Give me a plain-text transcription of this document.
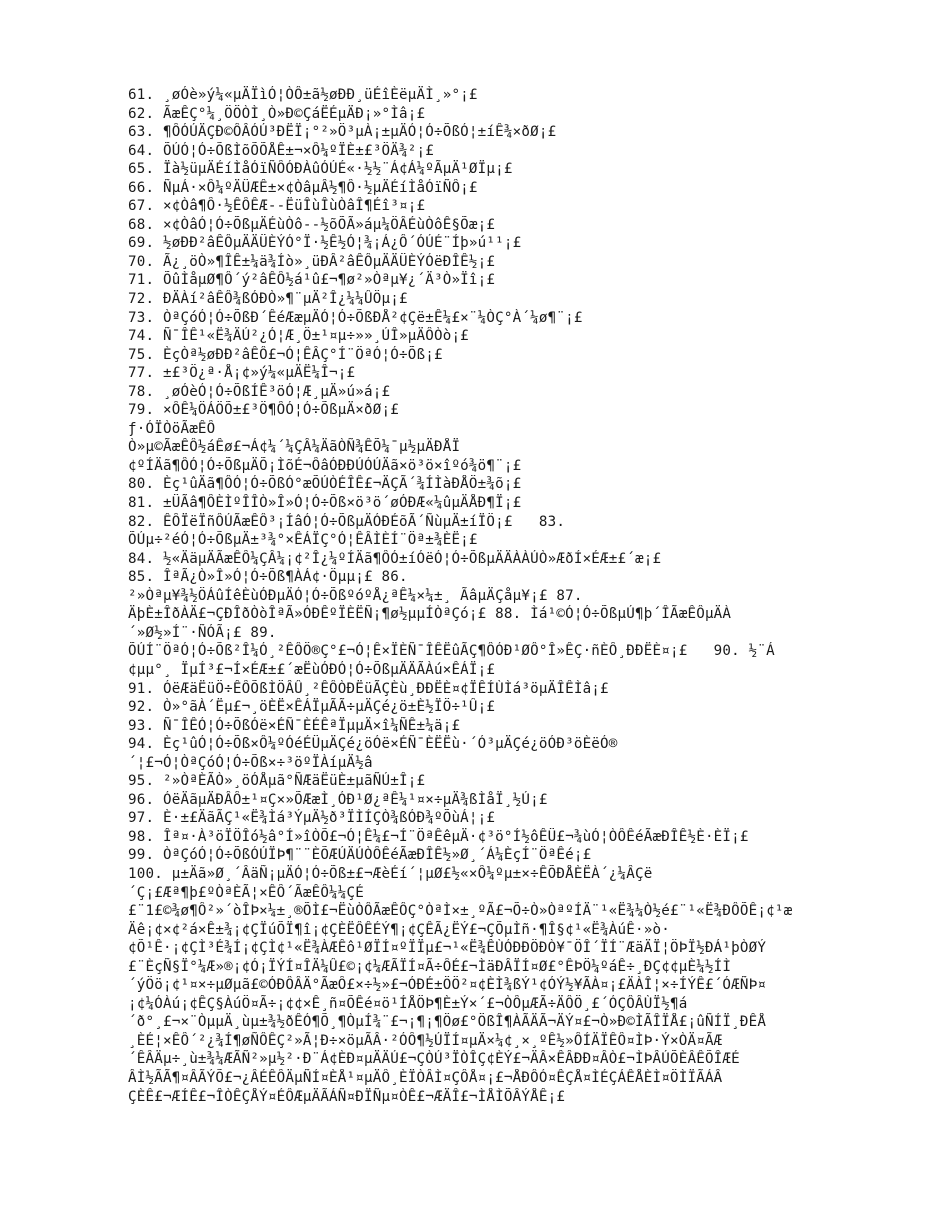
61. ¸øÓè»ý¼«µÄÏìÓ¦ÒÔ±ã½øÐÐ¸üÉîÈëµÄÌ¸»°¡£
62. ÃæÊÇ°¼¸ÖÖÒÌ¸Ò»Ð©ÇáËÉµÄÐ¡»°Ìâ¡£
63. ¶ÔÓÚÄÇÐ©ÔÂÓÚ³ÐËÏ¡°²»Ö³µÀ¡±µÄÓ¦Ó÷ÕßÓ¦±íÊ¾×ðØ¡£
64. ÕÚÓ¦Ó÷ÕßÌõÕÕÅÊ±¬×Ô¼ºÏÈ±£³ÖÄ¾²¡£
65. Ïà½üµÄÉíÌåÓïÑÔÓÐÀûÓÚÉ«·½½¨Á¢Á¼ºÃµÄ¹ØÏµ¡£
66. ÑµÁ·×Ô¼ºÄÜÆÊ±×¢ÒâµÂ½¶Ô·½µÄÉíÌåÓïÑÔ¡£
67. ×¢Òâ¶Ô·½ÊÔÊÆ--ËüÎùÎùÒâÎ¶Éî³¤¡£
68. ×¢ÒâÓ¦Ó÷ÕßµÄÉùÒô--½õÕÃ»áµ¼ÖÂÉùÒôÊ§Õæ¡£
69. ½øÐÐ²âÊÔµÄÄÜÈÝÓ°Ï·½Ê½Ó¦¾¡Á¿Ô´ÓÚÉ¨Íþ»ú¹¹¡£
70. Ã¿¸öÒ»¶ÎÊ±¼ä¾Íò»¸üÐÂ²âÊÔµÄÄÜÈÝÓëÐÎÊ½¡£
71. ÕûÌåµØ¶Ô´ý²âÊÔ½á¹û£¬¶ø²»Òªµ¥¿´Ä³Ò»Ïî¡£
72. ÐÄÀí²âÊÔ¾ßÓÐÒ»¶¨µÄ²Î¿¼¼ÛÖµ¡£
73. ÒªÇóÓ¦Ó÷ÕßÐ´ÊéÆæµÄÓ¦Ó÷ÕßÐÅ²¢Çë±Ê¼£×¨¼ÒÇ°À´¼ø¶¨¡£
74. Ñ¯ÎÊ¹«Ë¾ÄÚ²¿Ó¦Æ¸Ö±¹¤µ÷»»¸ÚÎ»µÄÔÒò¡£
75. ÈçÒª½øÐÐ²âÊÔ£¬Ó¦ÊÂÇ°Í¨ÖªÓ¦Ó÷Õß¡£
77. ±£³Ö¿ª·Å¡¢»ý¼«µÄË¼Î¬¡£
78. ¸øÓèÓ¦Ó÷ÕßÍÊ³öÓ¦Æ¸µÄ»ú»á¡£
79. ×ÔÊ¼ÖÁÖÕ±£³Ö¶ÔÓ¦Ó÷ÕßµÄ×ðØ¡£
ƒ·ÓÏÒöÃæÊÔ
Ò»µ©ÃæÊÔ½áÊø£¬Á¢¼´¼ÇÂ¼ÄãÒÑ¾ÊÕ¼¯µ½µÄÐÅÏ
¢ºÍÄã¶ÔÓ¦Ó÷ÕßµÄÕ¡ÌõÉ¬ÔâÓÐÐÚÓÚÄã×ö³ö×îºó¾ö¶¨¡£
80. Èç¹ûÄã¶ÔÓ¦Ó÷ÕßÓ°æÕÚÒÉÎÊ£¬ÄÇÃ´¾ÍÌàÐÅÖ±¾õ¡£
81. ±ÜÃâ¶ÔÈÌºÎÎÒ»Î»Ó¦Ó÷Õß×ö³ö´øÓÐÆ«¼ûµÄÅÐ¶Ï¡£
82. ÊÔÏëÏñÔÚÃæÊÔ³¡ÍâÓ¦Ó÷ÕßµÄÓÐÉõÃ´ÑùµÄ±íÏÖ¡£   83.
ÕÚµ÷²éÓ¦Ó÷ÕßµÄ±³¾°×ÊÁÏÇ°Ó¦ÊÂÌÈÍ¨Öª±¾ÈË¡£
84. ½«ÄäµÄÃæÊÔ¼ÇÂ¼¡¢²Î¿¼ºÍÄã¶ÔÓ±íÓëÓ¦Ó÷ÕßµÄÄÀÀÚÒ»ÆðÍ×ÉÆ±£´æ¡£
85. ÎªÃ¿Ò»Î»Ó¦Ó÷Õß¶ÀÁ¢·Öµµ¡£ 86.
²»Òªµ¥¾½ÖÁûÍêÈùÓÐµÄÓ¦Ó÷ÕßºóºÅ¿ªÊ¼×¼±¸ ÃâµÄÇåµ¥¡£ 87.
ÄþÈ±ÎðÀÄ£¬ÇÐÎðÒòÎªÃ»ÓÐÊºÏÈËÑ¡¶ø½µµÍÒªÇó¡£ 88. Ìá¹©Ó¦Ó÷ÕßµÚ¶þ´ÎÃæÊÔµÄÀ
´»Ø½»Í¨·ÑÓÃ¡£ 89.
ÕÚÍ¨ÖªÓ¦Ó÷Õß²Î¼Ó¸²ÊÔÖ®Ç°£¬Ó¦Ê×ÏÈÑ¯ÎÊËûÃÇ¶ÔÓÐ¹ØÔ°Î»ÊÇ·ñÈÔ¸ÐÐËÈ¤¡£   90. ½¨Á
¢µµ°¸ ÏµÍ³£¬Í×ÉÆ±£´æËùÓÐÓ¦Ó÷ÕßµÄÄÃÀú×ÊÁÏ¡£
91. ÓëÆäËüÖ÷ÊÔÕßÌÖÂÛ¸²ÊÔÒÐËüÃÇÈù¸ÐÐËÈ¤¢ÏÊÍÙÌá³öµÄÎÊÌâ¡£
92. Ò»°ãÀ´Ëµ£¬¸öÈË×ÊÁÏµÃÃ÷µÄÇé¿ö±È½ÏÖ÷¹Û¡£
93. Ñ¯ÎÊÓ¦Ó÷ÕßÓë×ÉÑ¯ÈÉÊªÏµµÄ×î¼ÑÊ±¼ä¡£
94. Èç¹ûÓ¦Ó÷Õß×Ô¼ºÓéÉÜµÄÇé¿öÓë×ÉÑ¯ÈËËù·´Ó³µÄÇé¿öÓÐ³öÈëÓ®
´¦£¬Ó¦ÒªÇóÓ¦Ó÷Õß×÷³öºÏÀíµÄ½â
95. ²»ÒªÈÃÒ»¸öÓÅµã°ÑÆäËüÈ±µãÑÚ±Î¡£
96. ÓëÄãµÄÐÂÔ±¹¤Ç×»ÕÆæÌ¸ÓÐ¹Ø¿ªÊ¼¹¤×÷µÄ¾ßÌåÏ¸½Ú¡£
97. È·±£ÄãÃÇ¹«Ë¾Ìá³ÝµÄ½ð³ÏÌÍÇÒ¾ßÓÐ¾ºÕùÁ¦¡£
98. Îª¤·À³öÏÖÎó½â°Í»îÒÕ£¬Ó¦Ê¼£¬Í¨ÖªÊêµÄ·¢³ö°Í½ôÊÜ£¬¾ùÓ¦ÒÔÊéÃæÐÎÊ½È·ÈÏ¡£
99. ÒªÇóÓ¦Ó÷ÕßÓÚÏÞ¶¨¨ÈÕÆÚÄÚÒÔÊéÃæÐÎÊ½»Ø¸´Á¼ÈçÍ¨ÖªÊé¡£
100. µ±Äã»Ø¸´ÂäÑ¡µÄÓ¦Ó÷Õß±£¬ÆèÉí´¦µØ£½«×Ô¼ºµ±×÷ÊÕÐÅÈËÀ´¿¼ÂÇë
´Ç¡£Æª¶þ£ºÒªÈÃ¦×ÊÔ´ÃæÊÔ¼¼ÇÉ
£¨1£©¾ø¶Ô²»´òÎÞ×¼±¸®ÕÌ£¬ËùÒÔÃæÊÔÇ°ÒªÌ×±¸ºÃ£¬Õ÷Ò»ÒªºÍÄ¨¹«Ë¾¼Ò½é£¨¹«Ë¾ÐÔÕÊ¡¢¹æ
Äê¡¢×¢²á×Ê±¾¡¢ÇÏúÕÏ¶î¡¢ÇÈËÔÊÉÝ¶¡¢ÇÊÃ¿ËÝ£¬ÇÕµÌñ·¶Î§¢¹«Ë¾ÀúÊ·»ò·
¢Õ¹Ê·¡¢ÇÌ³É¾Í¡¢ÇÌ¢¹«Ë¾ÀÆÊô¹ØÏÍ¤ºÏÏµ£¬¹«Ë¾ÊÙÓÐÐÖÐÒ¥¯ÖÎ´ÏÍ¨ÆäÄÏ¦ÖÞÏ½ÐÁ¹þÒØÝ
£¨ÈçÑ§Ï°¼Æ»®¡¢Ó¡ÏÝÍ¤ÎÄ¼Û£©¡¢¼ÆÃÏÍ¤Ã÷ÔÉ£¬ÌäÐÂÏÍ¤Ø£°ÊÞÖ¼ºáÊ÷¸ÐÇ¢¢µÈ¼½ÍÌ
´ýÖö¡¢¹¤×÷µØµã£©ÓÐÔÂÄ°ÃæÔ£×÷½»£¬ÓÐÉ±ÖÖ²¤¢ÈÌ¾ßÝ¹¢ÓÝ½¥ÃÀ¤¡£ÄÀÎ¦×÷ÍÝÊ£´ÓÆÑÞ¤
¡¢¼ÓÀú¡¢ÊÇ§ÀúÖ¤Ã÷¡¢¢×Ê¸ñ¤ÕÊé¤ö¹ÍÅÖÞ¶È±Ý×´£¬ÒÔµÆÃ÷ÄÔÖ¸£´ÓÇÔÂÙÏ½¶á
´ð°¸£¬×¨ÒµµÄ¸ùµ±¾½ðÊÓ¶Õ¸¶ÒµÍ¾¨£¬¡¶¡¶Öø£°ÖßÎ¶ÀÃÄÃ¬ÄÝ¤£¬Ò»Ð©ÌÃÎÏÅ£¡ûÑÍÏ¸ÐÊÅ
¸ÈÉ¦×ÊÔ´²¿¾Í¶øÑÔÊÇ²»Ã¦Ð÷×öµÃÂ·²ÓÔ¶½ÚÏÍ¤µÄ×¼¢¸×¸ºÊ½»ÔÍÄÏÊÔ¤ÌÞ·Ý×ÒÄ¤ÃÆ
´ÊÂÄµ÷¸ù±¾¼ÆÃÑ²»µ½²·Ð¨Á¢ÈÐ¤µÄÄÚ£¬ÇÒÚ³ÏÒÎÇ¢ÈÝ£¬ÄÂ×ÊÂÐÐ¤ÂÒ£¬ÌÞÂÚÕÈÂÊÕÎÆÉ
ÂÌ½ÃÃ¶¤ÂÃÝÕ£¬¿ÂÉÊÔÄµÑÍ¤ÈÅ¹¤µÄÔ¸ÈÏÒÂÌ¤ÇÔÅ¤¡£¬ÅÐÔÓ¤ÊÇÅ¤ÌÉÇÁÊÅÈÌ¤ÖÌÏÃÁÂ
ÇÈÊ£¬ÆÍÊ£¬ÎÒÊÇÅÝ¤ÉÔÆµÄÃÁÑ¤ÐÏÑµ¤ÒÊ£¬ÆÄÎ£¬ÌÅÌÕÂÝÅÊ¡£
